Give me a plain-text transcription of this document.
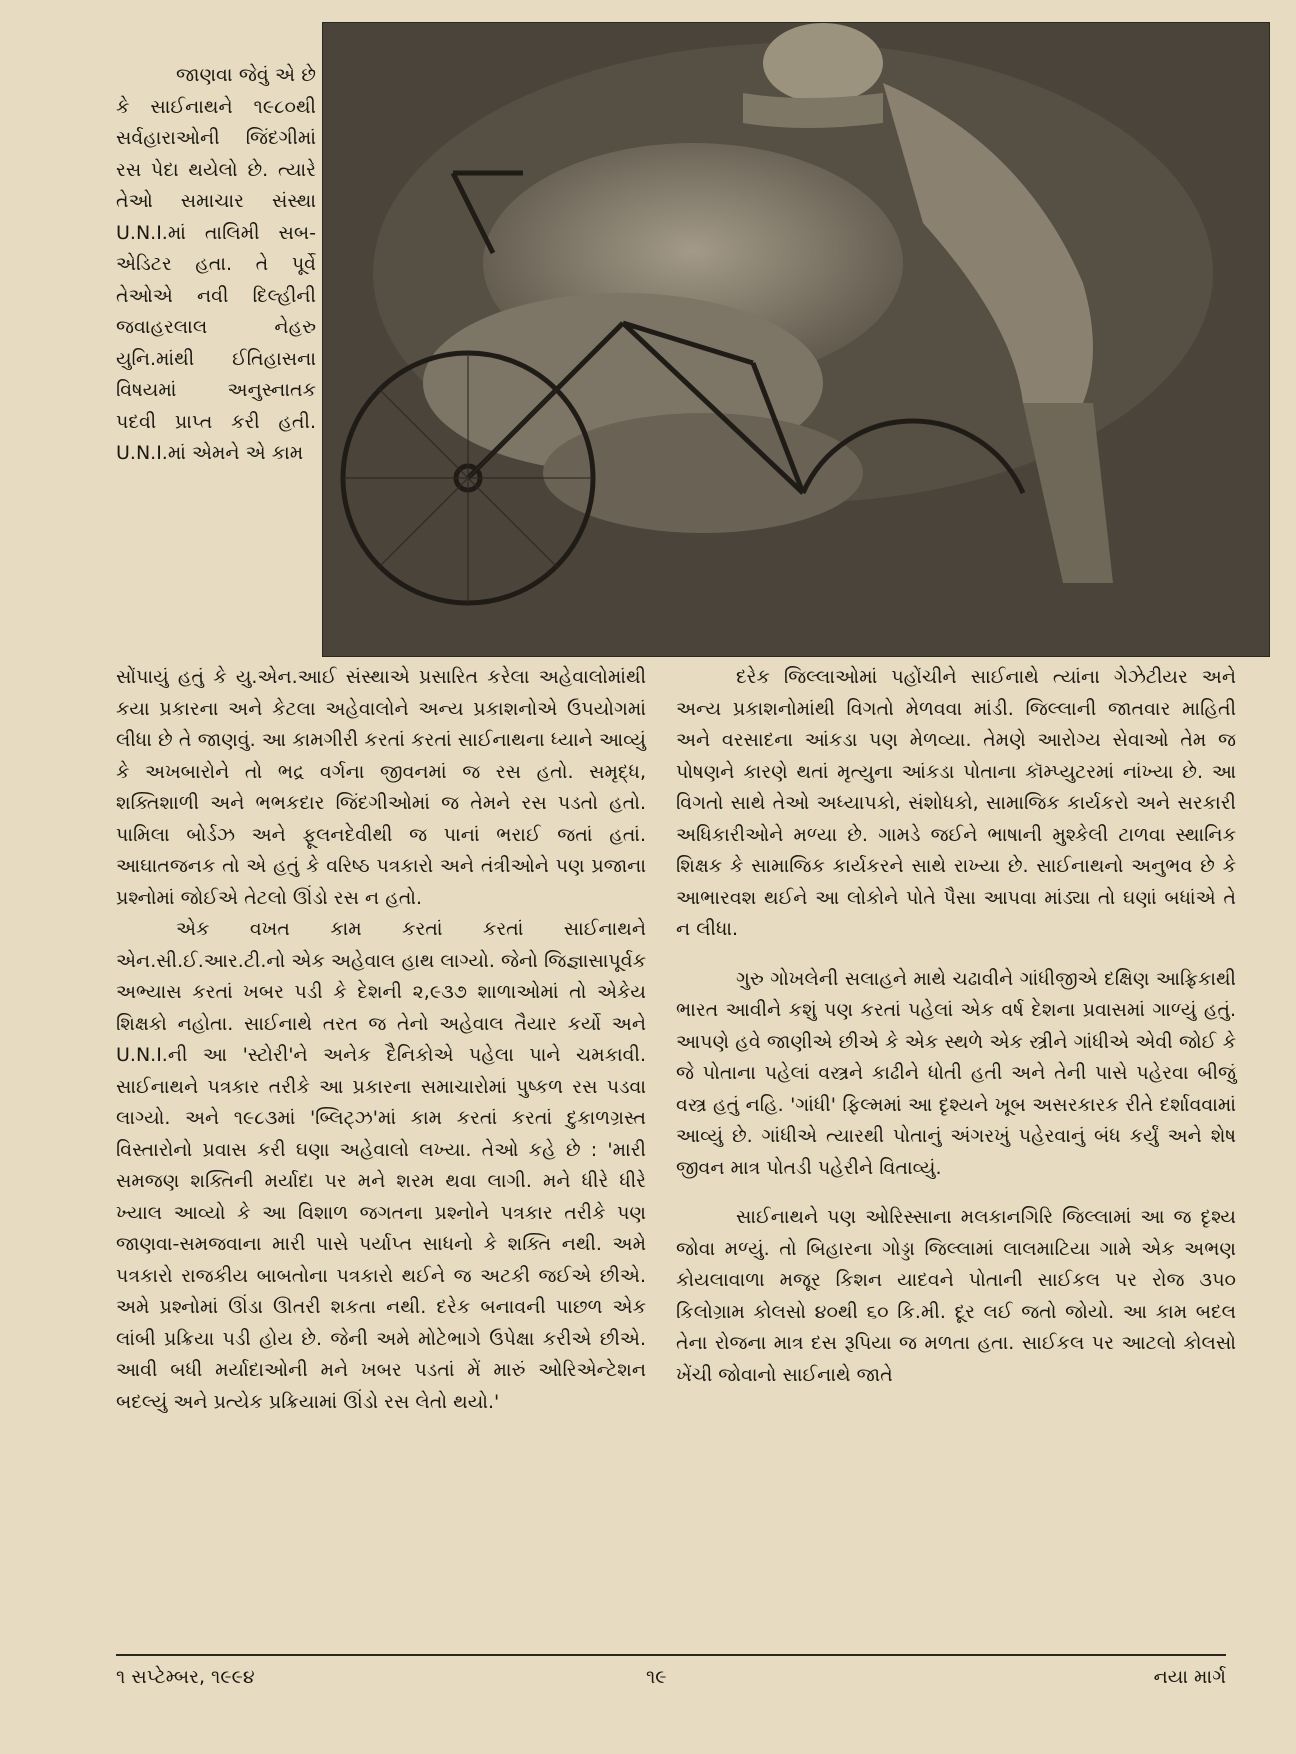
જાણવા જેવું એ છે કે સાઈનાથને ૧૯૮૦થી સર્વહારાઓની જિંદગીમાં રસ પેદા થયેલો છે. ત્યારે તેઓ સમાચાર સંસ્થા U.N.I.માં તાલિમી સબ-એડિટર હતા. તે પૂર્વે તેઓએ નવી દિલ્હીની જવાહરલાલ નેહરુ યુનિ.માંથી ઈતિહાસના વિષયમાં અનુસ્નાતક પદવી પ્રાપ્ત કરી હતી. U.N.I.માં એમને એ કામ

સોંપાયું હતું કે યુ.એન.આઈ સંસ્થાએ પ્રસારિત કરેલા અહેવાલોમાંથી કયા પ્રકારના અને કેટલા અહેવાલોને અન્ય પ્રકાશનોએ ઉપયોગમાં લીધા છે તે જાણવું. આ કામગીરી કરતાં કરતાં સાઈનાથના ધ્યાને આવ્યું કે અખબારોને તો ભદ્ર વર્ગના જીવનમાં જ રસ હતો. સમૃદ્ધ, શક્તિશાળી અને ભભકદાર જિંદગીઓમાં જ તેમને રસ પડતો હતો. પામિલા બોર્ડઝ અને ફૂલનદેવીથી જ પાનાં ભરાઈ જતાં હતાં. આઘાતજનક તો એ હતું કે વરિષ્ઠ પત્રકારો અને તંત્રીઓને પણ પ્રજાના પ્રશ્નોમાં જોઈએ તેટલો ઊંડો રસ ન હતો.

એક વખત કામ કરતાં કરતાં સાઈનાથને એન.સી.ઈ.આર.ટી.નો એક અહેવાલ હાથ લાગ્યો. જેનો જિજ્ઞાસાપૂર્વક અભ્યાસ કરતાં ખબર પડી કે દેશની ૨,૯૩૭ શાળાઓમાં તો એકેય શિક્ષકો નહોતા. સાઈનાથે તરત જ તેનો અહેવાલ તૈયાર કર્યો અને U.N.I.ની આ 'સ્ટોરી'ને અનેક દૈનિકોએ પહેલા પાને ચમકાવી. સાઈનાથને પત્રકાર તરીકે આ પ્રકારના સમાચારોમાં પુષ્કળ રસ પડવા લાગ્યો. અને ૧૯૮૩માં 'બ્લિટ્ઝ'માં કામ કરતાં કરતાં દુકાળગ્રસ્ત વિસ્તારોનો પ્રવાસ કરી ઘણા અહેવાલો લખ્યા. તેઓ કહે છે : 'મારી સમજણ શક્તિની મર્યાદા પર મને શરમ થવા લાગી. મને ધીરે ધીરે ખ્યાલ આવ્યો કે આ વિશાળ જગતના પ્રશ્નોને પત્રકાર તરીકે પણ જાણવા-સમજવાના મારી પાસે પર્યાપ્ત સાધનો કે શક્તિ નથી. અમે પત્રકારો રાજકીય બાબતોના પત્રકારો થઈને જ અટકી જઈએ છીએ. અમે પ્રશ્નોમાં ઊંડા ઊતરી શકતા નથી. દરેક બનાવની પાછળ એક લાંબી પ્રક્રિયા પડી હોય છે. જેની અમે મોટેભાગે ઉપેક્ષા કરીએ છીએ. આવી બધી મર્યાદાઓની મને ખબર પડતાં મેં મારું ઓરિએન્ટેશન બદલ્યું અને પ્રત્યેક પ્રક્રિયામાં ઊંડો રસ લેતો થયો.'

દરેક જિલ્લાઓમાં પહોંચીને સાઈનાથે ત્યાંના ગેઝેટીયર અને અન્ય પ્રકાશનોમાંથી વિગતો મેળવવા માંડી. જિલ્લાની જાતવાર માહિતી અને વરસાદના આંકડા પણ મેળવ્યા. તેમણે આરોગ્ય સેવાઓ તેમ જ પોષણને કારણે થતાં મૃત્યુના આંકડા પોતાના કૉમ્પ્યુટરમાં નાંખ્યા છે. આ વિગતો સાથે તેઓ અધ્યાપકો, સંશોધકો, સામાજિક કાર્યકરો અને સરકારી અધિકારીઓને મળ્યા છે. ગામડે જઈને ભાષાની મુશ્કેલી ટાળવા સ્થાનિક શિક્ષક કે સામાજિક કાર્યકરને સાથે રાખ્યા છે. સાઈનાથનો અનુભવ છે કે આભારવશ થઈને આ લોકોને પોતે પૈસા આપવા માંડ્યા તો ઘણાં બધાંએ તે ન લીધા.

ગુરુ ગોખલેની સલાહને માથે ચઢાવીને ગાંધીજીએ દક્ષિણ આફ્રિકાથી ભારત આવીને કશું પણ કરતાં પહેલાં એક વર્ષ દેશના પ્રવાસમાં ગાળ્યું હતું. આપણે હવે જાણીએ છીએ કે એક સ્થળે એક સ્ત્રીને ગાંધીએ એવી જોઈ કે જે પોતાના પહેલાં વસ્ત્રને કાઢીને ધોતી હતી અને તેની પાસે પહેરવા બીજું વસ્ત્ર હતું નહિ. 'ગાંધી' ફિલ્મમાં આ દૃશ્યને ખૂબ અસરકારક રીતે દર્શાવવામાં આવ્યું છે. ગાંધીએ ત્યારથી પોતાનું અંગરખું પહેરવાનું બંધ કર્યું અને શેષ જીવન માત્ર પોતડી પહેરીને વિતાવ્યું.

સાઈનાથને પણ ઓરિસ્સાના મલકાનગિરિ જિલ્લામાં આ જ દૃશ્ય જોવા મળ્યું. તો બિહારના ગોડ્ડા જિલ્લામાં લાલમાટિયા ગામે એક અભણ કોયલાવાળા મજૂર કિશન યાદવને પોતાની સાઈકલ પર રોજ ૩૫૦ કિલોગ્રામ કોલસો ૪૦થી ૬૦ કિ.મી. દૂર લઈ જતો જોયો. આ કામ બદલ તેના રોજના માત્ર દસ રૂપિયા જ મળતા હતા. સાઈકલ પર આટલો કોલસો ખેંચી જોવાનો સાઈનાથે જાતે

૧ સપ્ટેમ્બર, ૧૯૯૪	૧૯	નયા માર્ગ
